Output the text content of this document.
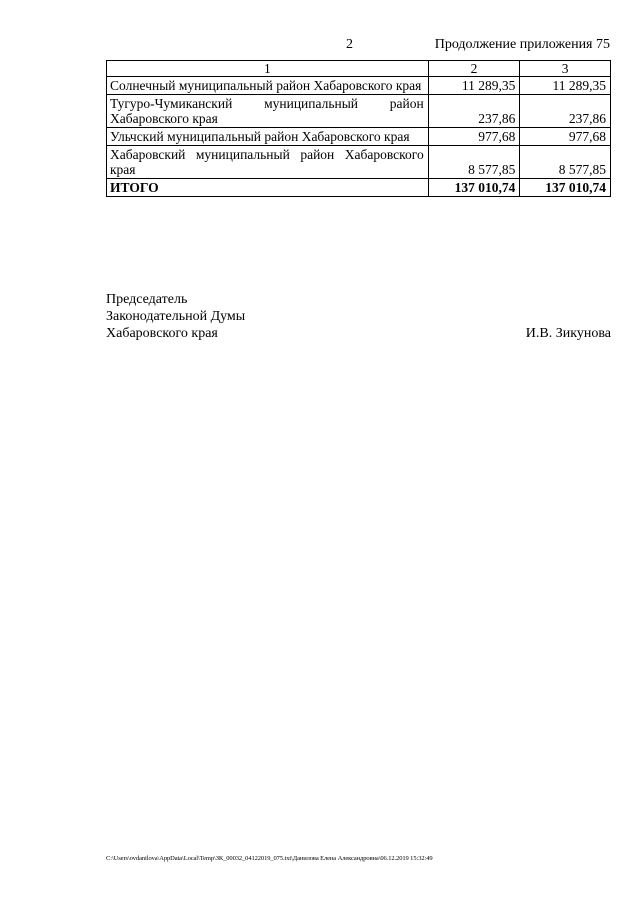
2	Продолжение приложения 75
1	2	3
Солнечный муниципальный район Хабаровского края	11 289,35	11 289,35
Тугуро-Чумиканский муниципальный район Хабаровского края	237,86	237,86
Ульчский муниципальный район Хабаровского края	977,68	977,68
Хабаровский муниципальный район Хабаровского края	8 577,85	8 577,85
ИТОГО	137 010,74	137 010,74
Председатель
Законодательной Думы
Хабаровского края	И.В. Зикунова
C:\Users\ovdanilova\AppData\Local\Temp\ЗК_00032_04122019_075.txt\Данилова Елена Александровна\06.12.2019 15:32:49
